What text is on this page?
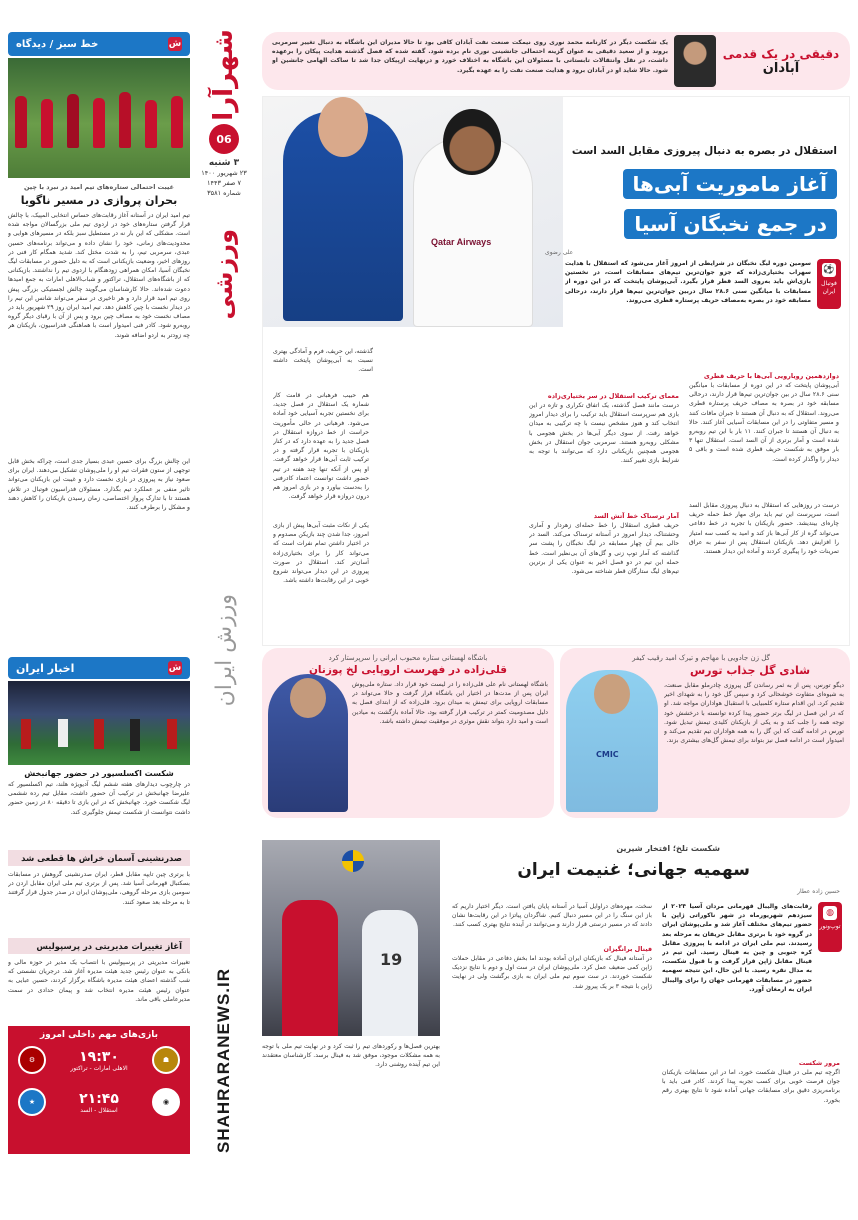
ش
خط سبز / دیدگاه
غیبت احتمالی ستاره‌های تیم امید در نبرد با چین
بحران پروازی در مسیر ناگویا
تیم امید ایران در آستانه آغاز رقابت‌های حساس انتخابی المپیک، با چالش قرار گرفتن ستاره‌های خود در اردوی تیم ملی بزرگسالان مواجه شده است. مشکلی که این بار نه در مستطیل سبز بلکه در مسیرهای هوایی و محدودیت‌های زمانی، خود را نشان داده و می‌تواند برنامه‌های حسین عبدی، سرمربی تیم، را به شدت مختل کند. شدید همگام کار فنی در روزهای اخیر، وضعیت بازیکنانی است که به دلیل حضور در مسابقات لیگ نخبگان آسیا، امکان همراهی زودهنگام با اردوی تیم را نداشتند. بازیکنانی که از باشگاه‌های استقلال، تراکتور و شباب‌الاهلی امارات به جمع امیدها دعوت شده‌اند. حالا کارشناسان می‌گویند چالش لجستیکی بزرگی پیش روی تیم امید قرار دارد و هر تاخیری در سفر می‌تواند شانس این تیم را در دیدار نخست با چین کاهش دهد. تیم امید ایران روز ۲۹ شهریور باید در مصاف نخست خود به مصاف چین برود و پس از آن با رقبای دیگر گروه روبه‌رو شود. کادر فنی امیدوار است با هماهنگی فدراسیون، بازیکنان هر چه زودتر به اردو اضافه شوند.
این چالش بزرگ برای حسین عبدی بسیار جدی است، چراکه بخش قابل توجهی از ستون فقرات تیم او را ملی‌پوشان تشکیل می‌دهند. ایران برای صعود نیاز به پیروزی در بازی نخست دارد و غیبت این بازیکنان می‌تواند تاثیر منفی بر عملکرد تیم بگذارد. مسئولان فدراسیون فوتبال در تلاش هستند تا با تدارک پرواز اختصاصی، زمان رسیدن بازیکنان را کاهش دهند و مشکل را برطرف کنند.
ش
اخبار ایران
شکست اکسلسیور در حضور جهانبخش
در چارچوب دیدارهای هفته ششم لیگ آدیویژه هلند، تیم اکسلسیور که علیرضا جهانبخش در ترکیب آن حضور داشت، مقابل تیم رده ششمی لیگ شکست خورد. جهانبخش که در این بازی تا دقیقه ۸۰ در زمین حضور داشت نتوانست از شکست تیمش جلوگیری کند.
صدرنشینی آسمان خراش ها قطعی شد
با برتری چین تایپه مقابل قطر، ایران صدرنشینی گروهش در مسابقات بسکتبال قهرمانی آسیا شد. پس از برتری تیم ملی ایران مقابل اردن در سومین بازی مرحله گروهی، ملی‌پوشان ایران در صدر جدول قرار گرفتند تا به مرحله بعد صعود کنند.
آغاز تغییرات مدیریتی در پرسپولیس
تغییرات مدیریتی در پرسپولیس با انتصاب یک مدیر در حوزه مالی و بانکی به عنوان رئیس جدید هیئت مدیره آغاز شد. درجریان نشستی که شب گذشته اعضای هیئت مدیره باشگاه برگزار کردند، حسین عبایی به عنوان رئیس هیئت مدیره انتخاب شد و پیمان حدادی در سمت مدیرعاملی باقی ماند.
بازی‌های مهم داخلی امروز
☗
۱۹:۳۰
الاهلی امارات - تراکتور
⚙
◉
۲۱:۴۵
استقلال - السد
★
شهرآرا
06
۳ شنبه
۲۳ شهریور ۱۴۰۰
۷ صفر ۱۴۴۳
شماره ۳۵۸۱
ورزشی
ورزش ایران
SHAHRARANEWS.IR
دقیقی در یک قدمی
آبادان
یک شکست دیگر در کارنامه محمد نوری روی نیمکت صنعت نفت آبادان کافی بود تا حالا مدیران این باشگاه به دنبال تغییر سرمربی بروند و از سعید دقیقی به عنوان گزینه احتمالی جانشینی نوری نام برده شود. گفته شده که فصل گذشته هدایت پیکان را برعهده داشت، در نقل وانتقالات تابستانی با مسئولان این باشگاه به اختلاف خورد و درنهایت ازپیکان جدا شد تا ساکت الهامی جانشین او شود. حالا شاید او در آبادان برود و هدایت صنعت نفت را به عهده بگیرد.
Qatar Airways
استقلال در بصره به دنبال پیروزی مقابل السد است
آغاز ماموریت آبی‌ها
در جمع نخبگان آسیا
علی رضوی
⚽
فوتبال ایران
سومین دوره لیگ نخبگان در شرایطی از امروز آغاز می‌شود که استقلال با هدایت سهراب بختیاری‌زاده که جزو جوان‌ترین تیم‌های مسابقات است، در نخستین بازی‌اش باید به‌روی السد قطر قرار بگیرد. آبی‌پوشان پایتخت که در این دوره از مسابقات با میانگین سنی ۲۸.۶ سال دربین جوان‌ترین تیم‌ها قرار دارند، درحالی مسابقه خود در بصره به‌مصاف حریف پرستاره قطری می‌روند.
گذشته، این حریف، فرم و آمادگی بهتری نسبت به آبی‌پوشان پایتخت داشته است.
دوازدهمین رویارویی آبی‌ها با حریف قطری
آبی‌پوشان پایتخت که در این دوره از مسابقات با میانگین سنی ۲۸.۶ سال در بین جوان‌ترین تیم‌ها قرار دارند، درحالی مسابقه خود در بصره به مصاف حریف پرستاره قطری می‌روند. استقلال که به دنبال آن هستند تا جبران مافات کنند و مسیر متفاوتی را در این مسابقات آسیایی آغاز کنند. حالا به دنبال آن هستند تا جبران کنند. ۱۱ بار با این تیم روبه‌رو شده است و آمار برتری از آن السد است. استقلال تنها ۳ بار موفق به شکست حریف قطری شده است و باقی ۵ دیدار را واگذار کرده است.
درست در روزهایی که استقلال به دنبال پیروزی مقابل السد است، سرپرست این تیم باید برای مهار خط حمله حریف چاره‌ای بیندیشد. حضور بازیکنان با تجربه در خط دفاعی می‌تواند گره از کار آبی‌ها باز کند و امید به کسب سه امتیاز را افزایش دهد. بازیکنان استقلال پس از سفر به عراق تمرینات خود را پیگیری کردند و آماده این دیدار هستند.
معمای ترکیب استقلال در سر بختیاری‌زاده
درست مانند فصل گذشته، یک اتفاق تکراری و تازه در این بازی هم سرپرست استقلال باید ترکیب را برای دیدار امروز انتخاب کند و هنوز مشخص نیست با چه ترکیبی به میدان خواهد رفت. از سوی دیگر آبی‌ها در بخش هجومی با مشکلی روبه‌رو هستند. سرمربی جوان استقلال در بخش هجومی همچنین بازیکنانی دارد که می‌توانند با توجه به شرایط بازی تغییر کنند.
آمار ترسناک خط آتش السد
حریف قطری استقلال را خط حمله‌ای زهردار و آماری وحشتناک، دیدار امروز در آستانه ترسناک می‌کند. السد در حالی بیم آن چهار مسابقه در لیگ نخبگان را پشت سر گذاشته که آمار توپ زنی و گل‌های آن بی‌نظیر است. خط حمله این تیم در دو فصل اخیر به عنوان یکی از برترین تیم‌های لیگ ستارگان قطر شناخته می‌شود.
هم حبیب فرهبانی در قامت کار شماره یک استقلال در فصل جدید، برای نخستین تجربه آسیایی خود آماده می‌شود. فرهبانی در حالی مأموریت حراست از خط دروازه استقلال در فصل جدید را به عهده دارد که در کنار بازیکنان با تجربه قرار گرفته و در ترکیب ثابت آبی‌ها قرار خواهد گرفت. او پس از آنکه تنها چند هفته در تیم حضور داشت توانست اعتماد کادرفنی را به‌دست بیاورد و در بازی امروز هم درون دروازه قرار خواهد گرفت.
یکی از نکات مثبت آبی‌ها پیش از بازی امروز، جدا شدن چند بازیکن مصدوم و در اختیار داشتن تمام نفرات است که می‌تواند کار را برای بختیاری‌زاده آسان‌تر کند. استقلال در صورت پیروزی در این دیدار می‌تواند شروع خوبی در این رقابت‌ها داشته باشد.
CMIC
گل زن جادویی با مهاجم و تیرک امید رقیب کیفر
شادی گل جذاب تورس
دیگو تورس، پس از به ثمر رساندن گل پیروزی چادرملو مقابل صنعت، به شیوه‌ای متفاوت خوشحالی کرد و سپس گل خود را به شهدای اخیر تقدیم کرد. این اقدام ستاره کلمبیایی با استقبال هواداران مواجه شد. او که در این فصل در لیگ برتر حضور پیدا کرده توانسته با درخشش خود توجه همه را جلب کند و به یکی از بازیکنان کلیدی تیمش تبدیل شود. تورس در ادامه گفت که این گل را به همه هواداران تیم تقدیم می‌کند و امیدوار است در ادامه فصل نیز بتواند برای تیمش گل‌های بیشتری بزند.
باشگاه لهستانی ستاره محبوب ایرانی را سرپرستار کرد
قلی‌زاده در فهرست اروپایی لخ پوزنان
باشگاه لهستانی نام علی قلی‌زاده را در لیست خود قرار داد. ستاره ملی‌پوش ایران پس از مدت‌ها در اختیار این باشگاه قرار گرفت و حالا می‌تواند در مسابقات اروپایی برای تیمش به میدان برود. قلی‌زاده که از ابتدای فصل به دلیل مصدومیت کمتر در ترکیب قرار گرفته بود، حالا آماده بازگشت به میادین است و امید دارد بتواند نقش موثری در موفقیت تیمش داشته باشد.
شکست تلخ؛ افتخار شیرین
سهمیه جهانی؛ غنیمت ایران
حسین زاده عطار
19
◍
توپ‌ونور
رقابت‌های والیبال قهرمانی مردان آسیا ۲۰۲۴ از سیزدهم شهریورماه در شهر ناکوراتی ژاپن با حضور تیم‌های مختلف آغاز شد و ملی‌پوشان ایران در گروه خود با برتری مقابل حریفان به مرحله بعد رسیدند. تیم ملی ایران در ادامه با پیروزی مقابل کره جنوبی و چین به فینال رسید. این تیم در فینال مقابل ژاپن قرار گرفت و با قبول شکست، به مدال نقره رسید. با این حال، این نتیجه سهمیه حضور در مسابقات قهرمانی جهان را برای والیبال ایران به ارمغان آورد.
سخت، مهره‌های دراوایل آسیا در آستانه پایان یافتن است. دیگر اختیار داریم که باز این سنگ را در این مسیر دنبال کنیم. شاگردان پیاتزا در این رقابت‌ها نشان دادند که در مسیر درستی قرار دارند و می‌توانند در آینده نتایج بهتری کسب کنند.
فینال برانگیزان
در آستانه فینال که بازیکنان ایران آماده بودند اما بخش دفاعی در مقابل حملات ژاپن کمی ضعیف عمل کرد. ملی‌پوشان ایران در ست اول و دوم با نتایج نزدیک شکست خوردند. در ست سوم تیم ملی ایران به بازی برگشت ولی در نهایت ژاپن با نتیجه ۳ بر یک پیروز شد.
مرور شکست
اگرچه تیم ملی در فینال شکست خورد، اما در این مسابقات بازیکنان جوان فرصت خوبی برای کسب تجربه پیدا کردند. کادر فنی باید با برنامه‌ریزی دقیق برای مسابقات جهانی آماده شود تا نتایج بهتری رقم بخورد.
بهترین فصل‌ها و رکوردهای تیم را ثبت کرد و در نهایت تیم ملی با توجه به همه مشکلات موجود، موفق شد به فینال برسد. کارشناسان معتقدند این تیم آینده روشنی دارد.
